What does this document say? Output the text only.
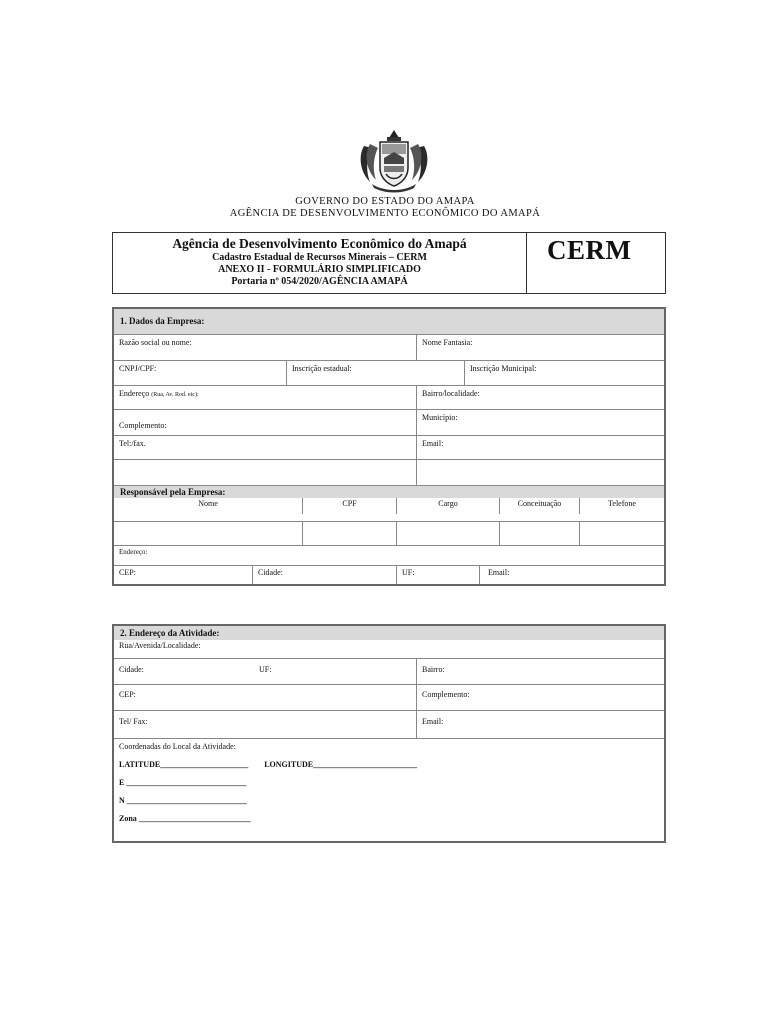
GOVERNO DO ESTADO DO AMAPA
AGÊNCIA DE DESENVOLVIMENTO ECONÔMICO DO AMAPÁ
Agência de Desenvolvimento Econômico do Amapá
Cadastro Estadual de Recursos Minerais – CERM
ANEXO II - FORMULÁRIO SIMPLIFICADO
Portaria nº 054/2020/AGÊNCIA AMAPÁ
CERM
1. Dados da Empresa:
Razão social ou nome:	Nome Fantasia:
CNPJ/CPF:	Inscrição estadual:	Inscrição Municipal:
Endereço (Rua, Av. Rod. etc):	Bairro/localidade:
Complemento:
Município:
Tel:/fax.	Email:
Responsável pela Empresa:
Nome	CPF	Cargo	Conceituação	Telefone
Endereço:
CEP:	Cidade:	UF:	Email:
2. Endereço da Atividade:
Rua/Avenida/Localidade:
Cidade:	UF:	Bairro:
CEP:	Complemento:
Tel/ Fax:	Email:
Coordenadas do Local da Atividade:
LATITUDE______________________ LONGITUDE__________________________
E ______________________________
N ______________________________
Zona ____________________________
